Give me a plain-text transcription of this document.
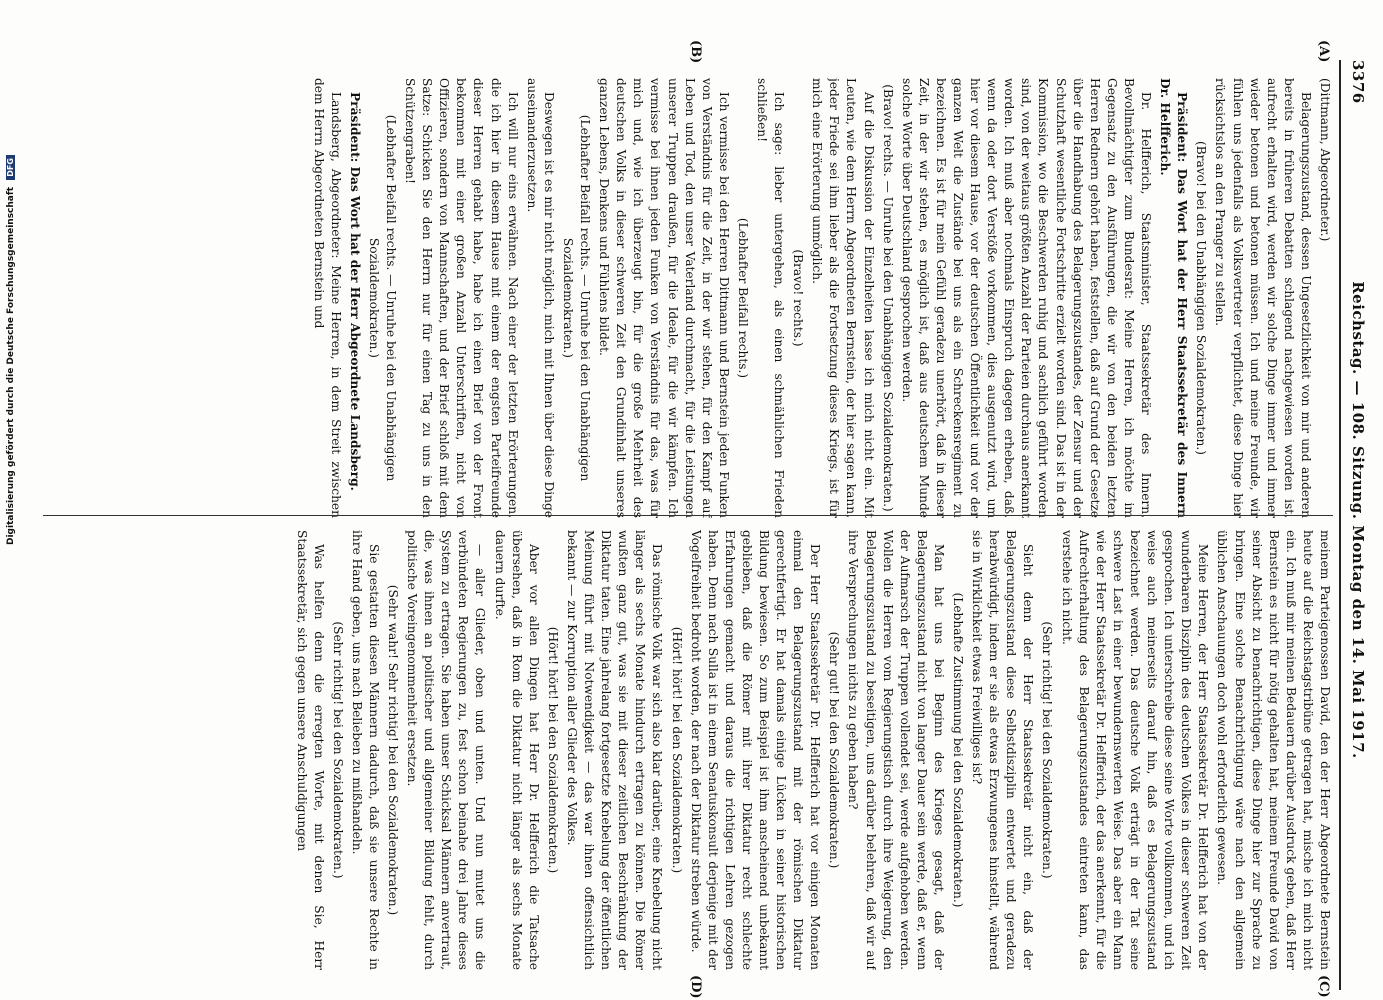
3376
Reichstag. — 108. Sitzung. Montag den 14. Mai 1917.
(A)
(B)
(C)
(D)

(Dittmann, Abgeordneter.)

Belagerungszustand, dessen Ungesetzlichkeit von mir und anderen bereits in früheren Debatten schlagend nachgewiesen worden ist, aufrecht erhalten wird, werden wir solche Dinge immer und immer wieder betonen und betonen müssen. Ich und meine Freunde, wir fühlen uns jedenfalls als Volksvertreter verpflichtet, diese Dinge hier rücksichtslos an den Pranger zu stellen.

(Bravo! bei den Unabhängigen Sozialdemokraten.)

Präsident: Das Wort hat der Herr Staatssekretär des Innern Dr. Helfferich.

Dr. Helfferich, Staatsminister, Staatssekretär des Innern, Bevollmächtigter zum Bundesrat: Meine Herren, ich möchte im Gegensatz zu den Ausführungen, die wir von den beiden letzten Herren Rednern gehört haben, feststellen, daß auf Grund der Gesetze über die Handhabung des Belagerungszustandes, der Zensur und der Schutzhaft wesentliche Fortschritte erzielt worden sind. Das ist in der Kommission, wo die Beschwerden ruhig und sachlich geführt worden sind, von der weitaus größten Anzahl der Parteien durchaus anerkannt worden. Ich muß aber nochmals Einspruch dagegen erheben, daß, wenn da oder dort Verstöße vorkommen, dies ausgenutzt wird, um hier vor diesem Hause, vor der deutschen Öffentlichkeit und vor der ganzen Welt die Zustände bei uns als ein Schreckensregiment zu bezeichnen. Es ist für mein Gefühl geradezu unerhört, daß in dieser Zeit, in der wir stehen, es möglich ist, daß aus deutschem Munde solche Worte über Deutschland gesprochen werden.

(Bravo! rechts. — Unruhe bei den Unabhängigen Sozialdemokraten.)

Auf die Diskussion der Einzelheiten lasse ich mich nicht ein. Mit Leuten, wie dem Herrn Abgeordneten Bernstein, der hier sagen kann, jeder Friede sei ihm lieber als die Fortsetzung dieses Kriegs, ist für mich eine Erörterung unmöglich.

(Bravo! rechts.)

Ich sage: lieber untergehen, als einen schmählichen Frieden schließen!

(Lebhafter Beifall rechts.)

Ich vermisse bei den Herren Dittmann und Bernstein jeden Funken von Verständnis für die Zeit, in der wir stehen, für den Kampf auf Leben und Tod, den unser Vaterland durchmacht, für die Leistungen unserer Truppen draußen, für die Ideale, für die wir kämpfen. Ich vermisse bei ihnen jeden Funken von Verständnis für das, was für mich und, wie ich überzeugt bin, für die große Mehrheit des deutschen Volks in dieser schweren Zeit den Grundinhalt unseres ganzen Lebens, Denkens und Fühlens bildet.

(Lebhafter Beifall rechts. — Unruhe bei den Unabhängigen Sozialdemokraten.)

Deswegen ist es mir nicht möglich, mich mit Ihnen über diese Dinge auseinanderzusetzen.

Ich will nur eins erwähnen. Nach einer der letzten Erörterungen, die ich hier in diesem Hause mit einem der engsten Parteifreunde dieser Herren gehabt habe, habe ich einen Brief von der Front bekommen mit einer großen Anzahl Unterschriften, nicht von Offizieren, sondern von Mannschaften, und der Brief schloß mit dem Satze: Schicken Sie den Herrn nur für einen Tag zu uns in den Schützengraben!

(Lebhafter Beifall rechts. — Unruhe bei den Unabhängigen Sozialdemokraten.)

Präsident: Das Wort hat der Herr Abgeordnete Landsberg.

Landsberg, Abgeordneter: Meine Herren, in dem Streit zwischen dem Herrn Abgeordneten Bernstein und

meinem Parteigenossen David, den der Herr Abgeordnete Bernstein heute auf die Reichstagstribüne getragen hat, mische ich mich nicht ein. Ich muß mir meinen Bedauern darüber Ausdruck geben, daß Herr Bernstein es nicht für nötig gehalten hat, meinem Freunde David von seiner Absicht zu benachrichtigen, diese Dinge hier zur Sprache zu bringen. Eine solche Benachrichtigung wäre nach den allgemein üblichen Anschauungen doch wohl erforderlich gewesen.

Meine Herren, der Herr Staatssekretär Dr. Helfferich hat von der wunderbaren Disziplin des deutschen Volkes in dieser schweren Zeit gesprochen. Ich unterschreibe diese seine Worte vollkommen, und ich weise auch meinerseits darauf hin, daß es Belagerungszustand bezeichnet werden. Das deutsche Volk erträgt in der Tat seine schwere Last in einer bewundernswerten Weise. Das aber ein Mann wie der Herr Staatssekretär Dr. Helfferich, der das anerkennt, für die Aufrechterhaltung des Belagerungszustandes eintreten kann, das verstehe ich nicht.

(Sehr richtig! bei den Sozialdemokraten.)

Sieht denn der Herr Staatssekretär nicht ein, daß der Belagerungszustand diese Selbstdisziplin entwertet und geradezu herabwürdigt, indem er sie als etwas Erzwungenes hinstellt, während sie in Wirklichkeit etwas Freiwilliges ist?

(Lebhafte Zustimmung bei den Sozialdemokraten.)

Man hat uns bei Beginn des Krieges gesagt, daß der Belagerungszustand nicht von langer Dauer sein werde, daß er, wenn der Aufmarsch der Truppen vollendet sei, werde aufgehoben werden. Wollen die Herren vom Regierungstisch durch ihre Weigerung, den Belagerungszustand zu beseitigen, uns darüber belehren, daß wir auf ihre Versprechungen nichts zu geben haben?

(Sehr gut! bei den Sozialdemokraten.)

Der Herr Staatssekretär Dr. Helfferich hat vor einigen Monaten einmal den Belagerungszustand mit der römischen Diktatur gerechtfertigt. Er hat damals einige Lücken in seiner historischen Bildung bewiesen. So zum Beispiel ist ihm anscheinend unbekannt geblieben, daß die Römer mit ihrer Diktatur recht schlechte Erfahrungen gemacht und daraus die richtigen Lehren gezogen haben. Denn nach Sulla ist in einem Senatuskonsult derjenige mit der Vogelfreiheit bedroht worden, der nach der Diktatur streben würde.

(Hört! hört! bei den Sozialdemokraten.)

Das römische Volk war sich also klar darüber, eine Knebelung nicht länger als sechs Monate hindurch ertragen zu können. Die Römer wußten ganz gut, was sie mit dieser zeitlichen Beschränkung der Diktatur taten. Eine jahrelang fortgesetzte Knebelung der öffentlichen Meinung führt mit Notwendigkeit — das war ihnen offensichtlich bekannt — zur Korruption aller Glieder des Volkes.

(Hört! hört! bei den Sozialdemokraten.)

Aber vor allen Dingen hat Herr Dr. Helfferich die Tatsache übersehen, daß in Rom die Diktatur nicht länger als sechs Monate dauern durfte.

— aller Glieder, oben und unten. Und nun mutet uns die verbündeten Regierungen zu, fest schon beinahe drei Jahre dieses System zu ertragen. Sie haben unser Schicksal Männern anvertraut, die, was ihnen an politischer und allgemeiner Bildung fehlt, durch politische Voreingenommenheit ersetzen.

(Sehr wahr! Sehr richtig! bei den Sozialdemokraten.)

Sie gestatten diesen Männern dadurch, daß sie unsere Rechte in ihre Hand geben, uns nach Belieben zu mißhandeln.

(Sehr richtig! bei den Sozialdemokraten.)

Was helfen denn die erregten Worte, mit denen Sie, Herr Staatssekretär, sich gegen unsere Anschuldigungen

Digitalisierung gefördert durch die Deutsche Forschungsgemeinschaft DFG
